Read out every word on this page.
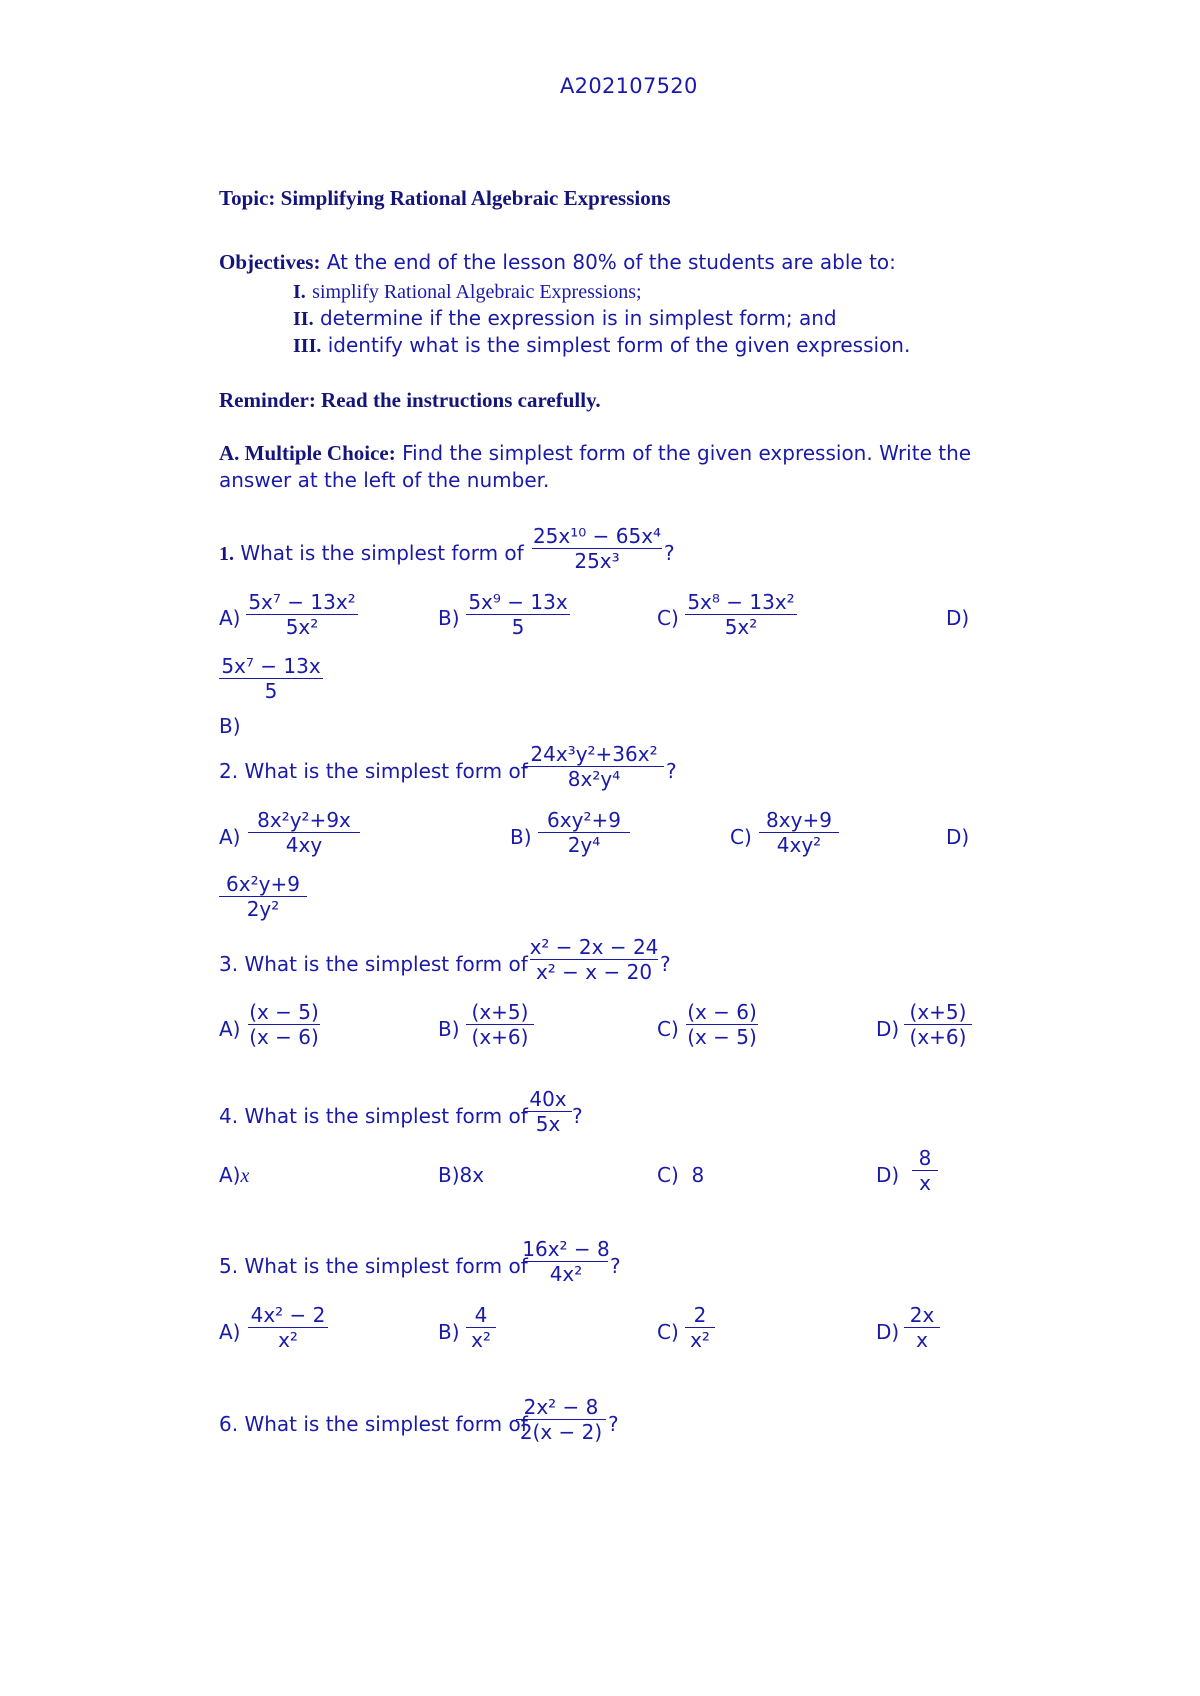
A202107520
Topic: Simplifying Rational Algebraic Expressions
Objectives: At the end of the lesson 80% of the students are able to:
I. simplify Rational Algebraic Expressions;
II. determine if the expression is in simplest form; and
III. identify what is the simplest form of the given expression.
Reminder: Read the instructions carefully.
A. Multiple Choice: Find the simplest form of the given expression. Write the
answer at the left of the number.
1. What is the simplest form of
25x¹⁰ − 65x⁴
25x³ ?
A)
5x⁷ − 13x²
5x²	B)
5x⁹ − 13x
5	C)
5x⁸ − 13x²
5x²	D)
5x⁷ − 13x
5
B)
2. What is the simplest form of
24x³y²+36x²
8x²y⁴ ?
A)
8x²y²+9x
4xy	B)
6xy²+9
2y⁴	C)
8xy+9
4xy²	D)
6x²y+9
2y²
3. What is the simplest form of
x² − 2x − 24
x² − x − 20 ?
A)
(x − 5)
(x − 6)	B)
(x+5)
(x+6)	C)
(x − 6)
(x − 5)	D)
(x+5)
(x+6)
4. What is the simplest form of
40x
5x ?
A)x	B)8x	C) 8	D)
8
x
5. What is the simplest form of
16x² − 8
4x² ?
A)
4x² − 2
x²	B)
4
x²	C)
2
x²	D)
2x
x
6. What is the simplest form of
2x² − 8
2(x − 2) ?
